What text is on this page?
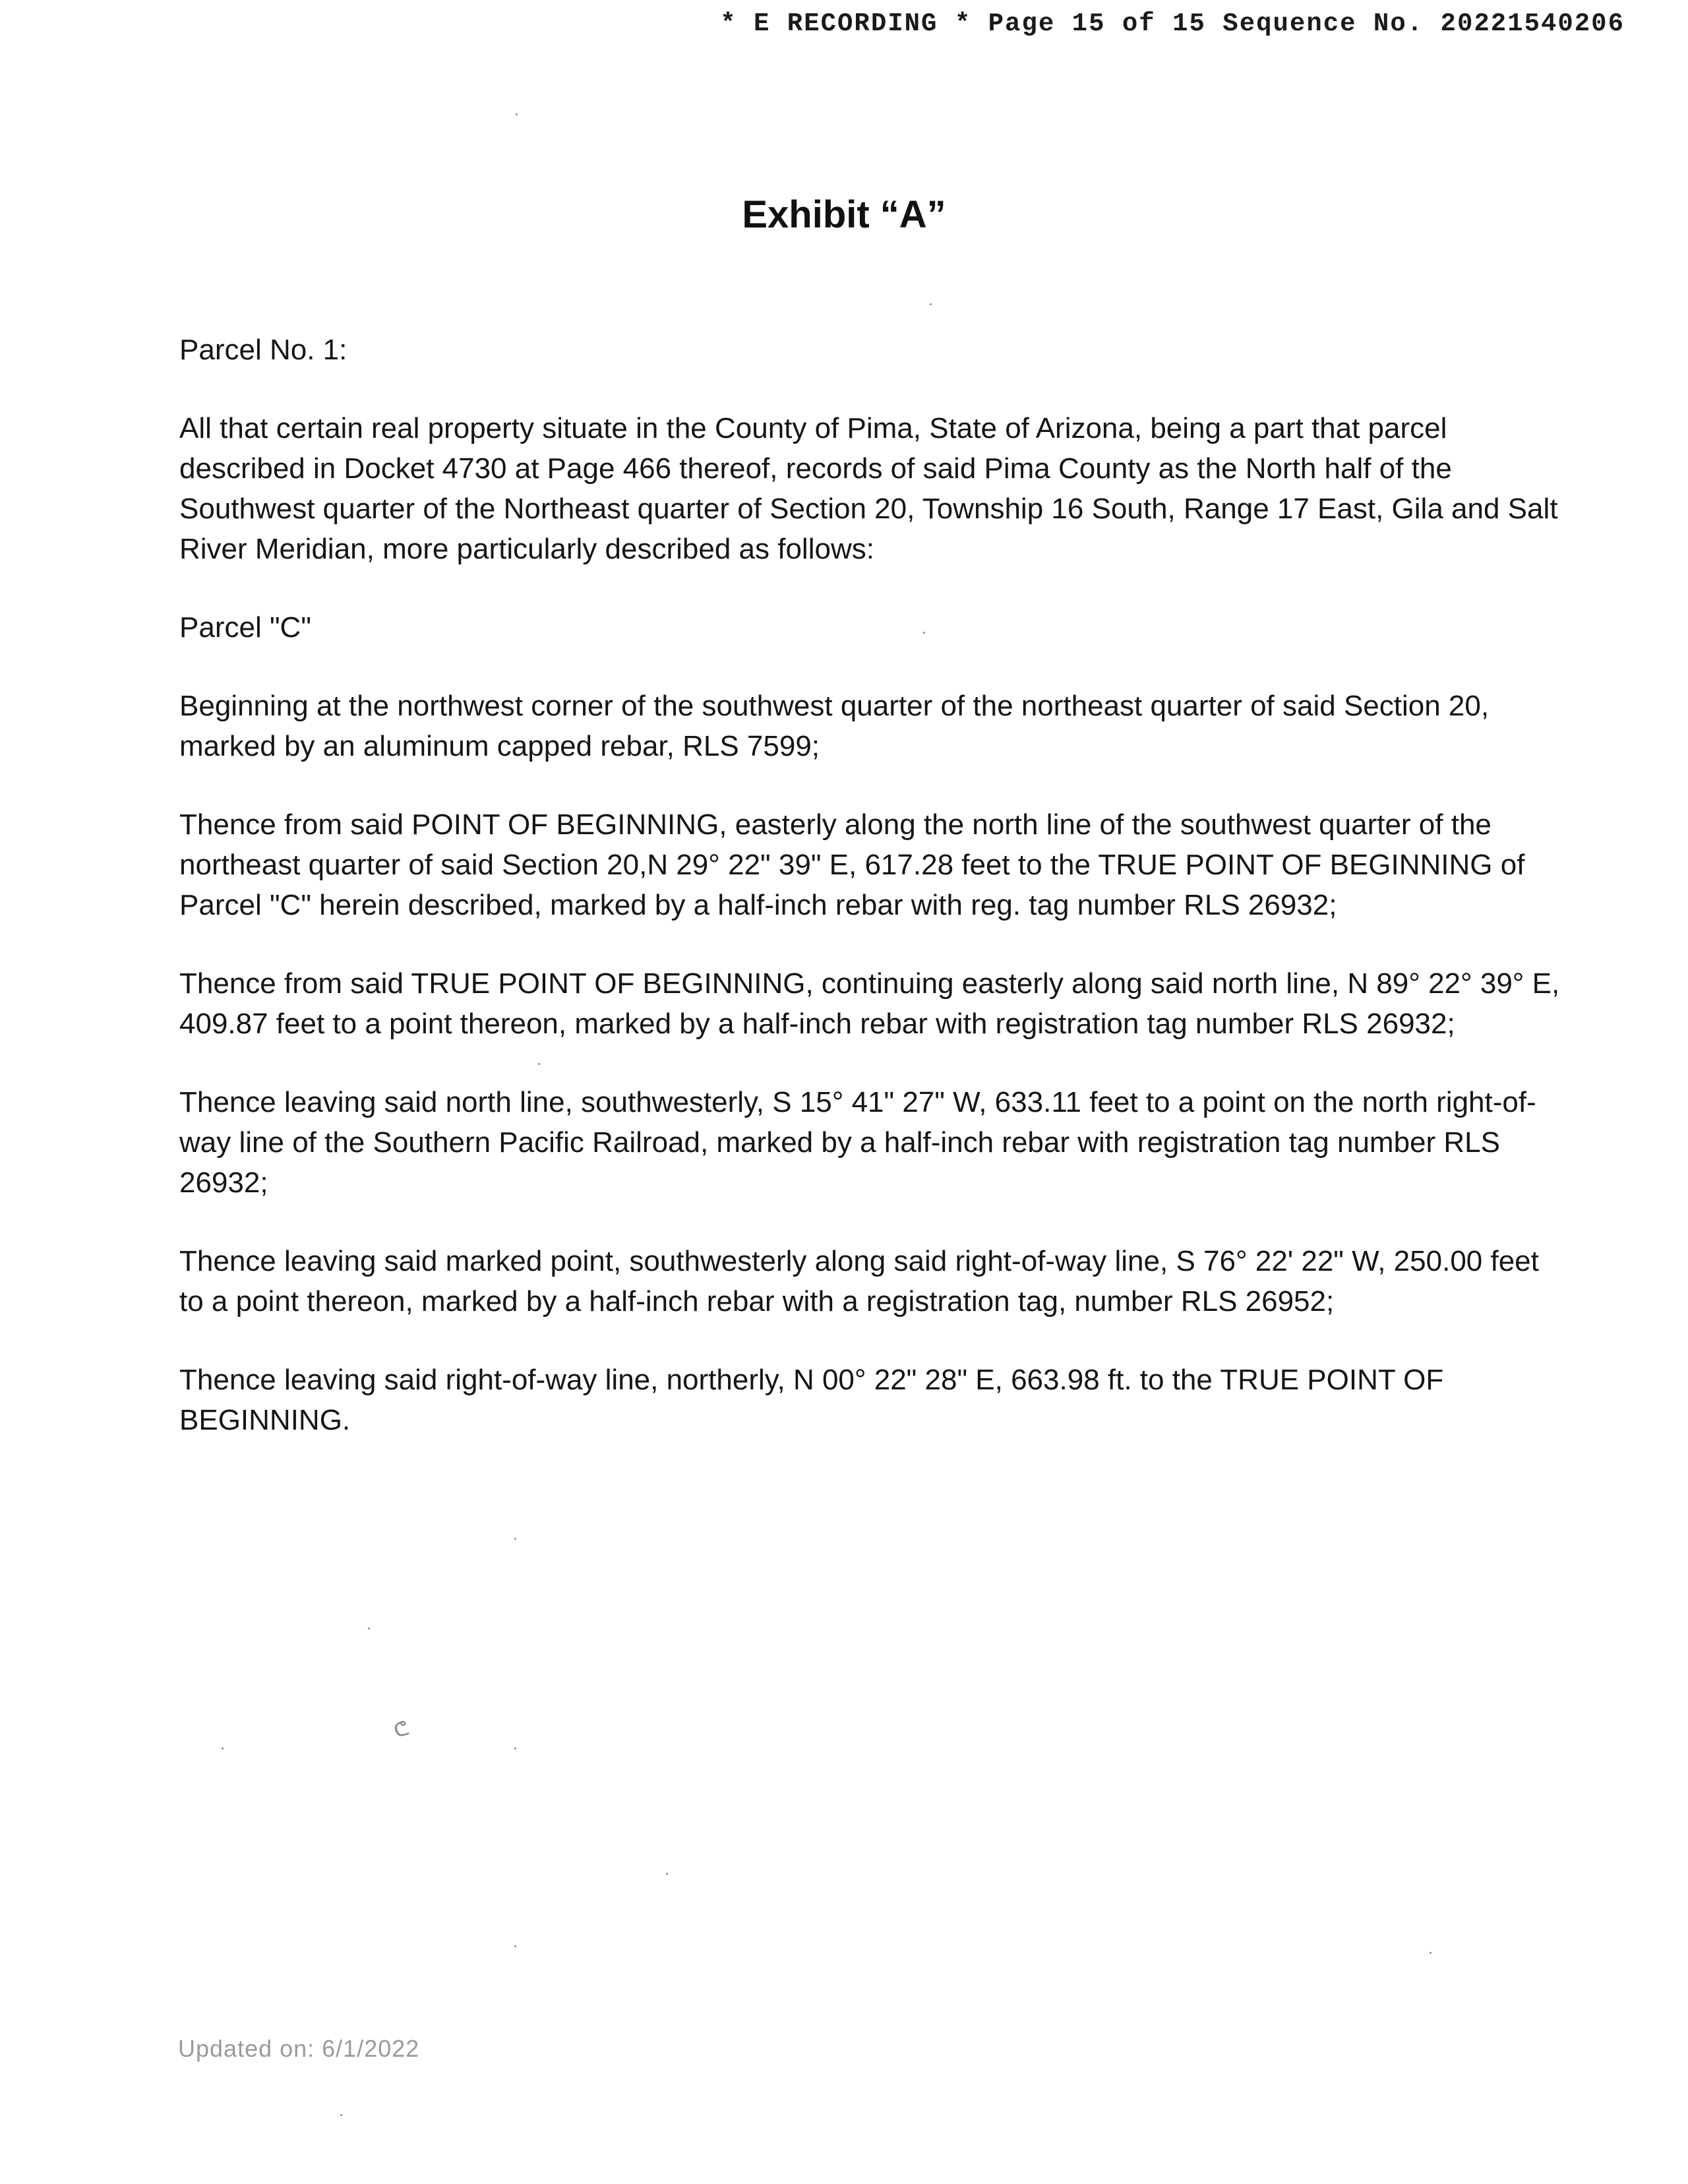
* E RECORDING * Page 15 of 15 Sequence No. 20221540206
Exhibit “A”

Parcel No. 1:

All that certain real property situate in the County of Pima, State of Arizona, being a part that parcel described in Docket 4730 at Page 466 thereof, records of said Pima County as the North half of the Southwest quarter of the Northeast quarter of Section 20, Township 16 South, Range 17 East, Gila and Salt River Meridian, more particularly described as follows:

Parcel "C"

Beginning at the northwest corner of the southwest quarter of the northeast quarter of said Section 20, marked by an aluminum capped rebar, RLS 7599;

Thence from said POINT OF BEGINNING, easterly along the north line of the southwest quarter of the northeast quarter of said Section 20,N 29° 22" 39" E, 617.28 feet to the TRUE POINT OF BEGINNING of Parcel "C" herein described, marked by a half-inch rebar with reg. tag number RLS 26932;

Thence from said TRUE POINT OF BEGINNING, continuing easterly along said north line, N 89° 22° 39° E, 409.87 feet to a point thereon, marked by a half-inch rebar with registration tag number RLS 26932;

Thence leaving said north line, southwesterly, S 15° 41" 27" W, 633.11 feet to a point on the north right-of-way line of the Southern Pacific Railroad, marked by a half-inch rebar with registration tag number RLS 26932;

Thence leaving said marked point, southwesterly along said right-of-way line, S 76° 22' 22" W, 250.00 feet to a point thereon, marked by a half-inch rebar with a registration tag, number RLS 26952;

Thence leaving said right-of-way line, northerly, N 00° 22" 28" E, 663.98 ft. to the TRUE POINT OF BEGINNING.

Updated on: 6/1/2022
ᕦ
